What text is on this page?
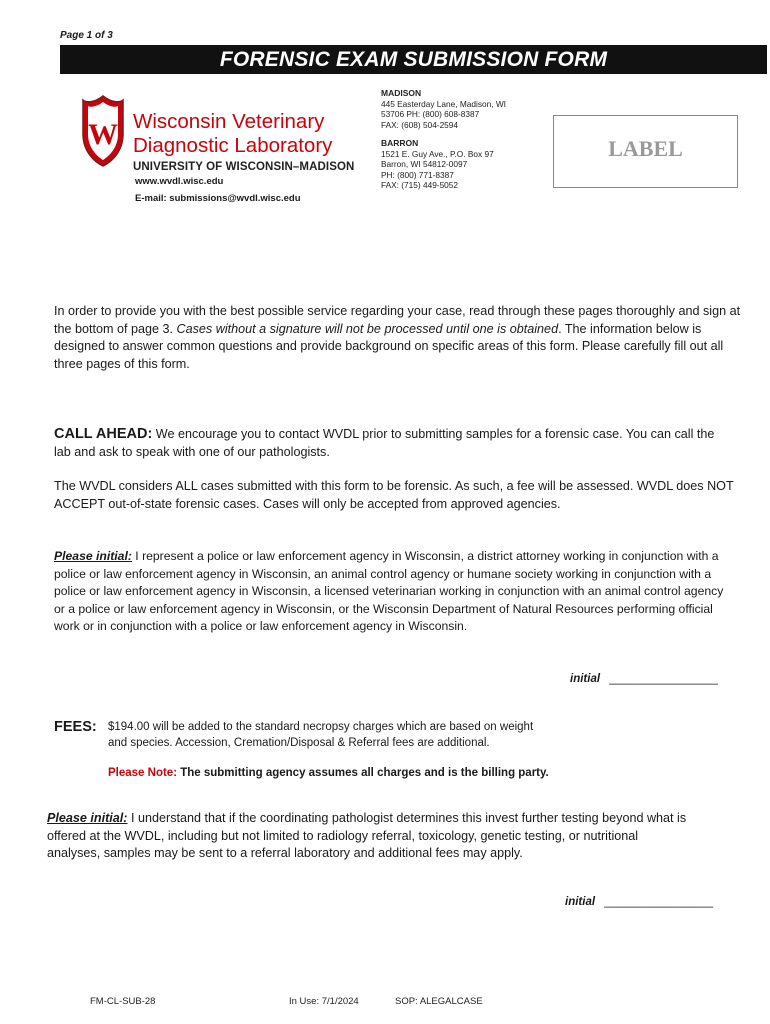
Page 1 of 3
FORENSIC EXAM SUBMISSION FORM
W Wisconsin Veterinary
Diagnostic Laboratory
UNIVERSITY OF WISCONSIN–MADISON
www.wvdl.wisc.edu
E-mail: submissions@wvdl.wisc.edu
MADISON
445 Easterday Lane, Madison, WI
53706 PH: (800) 608-8387
FAX: (608) 504-2594
BARRON
1521 E. Guy Ave., P.O. Box 97
Barron, WI 54812-0097
PH: (800) 771-8387
FAX: (715) 449-5052
LABEL
In order to provide you with the best possible service regarding your case, read through these pages thoroughly and sign at the bottom of page 3. Cases without a signature will not be processed until one is obtained. The information below is designed to answer common questions and provide background on specific areas of this form. Please carefully fill out all three pages of this form.
CALL AHEAD: We encourage you to contact WVDL prior to submitting samples for a forensic case. You can call the lab and ask to speak with one of our pathologists.
The WVDL considers ALL cases submitted with this form to be forensic. As such, a fee will be assessed. WVDL does NOT ACCEPT out-of-state forensic cases. Cases will only be accepted from approved agencies.
Please initial: I represent a police or law enforcement agency in Wisconsin, a district attorney working in conjunction with a police or law enforcement agency in Wisconsin, an animal control agency or humane society working in conjunction with a police or law enforcement agency in Wisconsin, a licensed veterinarian working in conjunction with an animal control agency or a police or law enforcement agency in Wisconsin, or the Wisconsin Department of Natural Resources performing official work or in conjunction with a police or law enforcement agency in Wisconsin.
initial _________________
FEES: $194.00 will be added to the standard necropsy charges which are based on weight
and species. Accession, Cremation/Disposal & Referral fees are additional.
Please Note: The submitting agency assumes all charges and is the billing party.
Please initial: I understand that if the coordinating pathologist determines this invest further testing beyond what is offered at the WVDL, including but not limited to radiology referral, toxicology, genetic testing, or nutritional analyses, samples may be sent to a referral laboratory and additional fees may apply.
initial _________________
FM-CL-SUB-28	In Use: 7/1/2024	SOP: ALEGALCASE
